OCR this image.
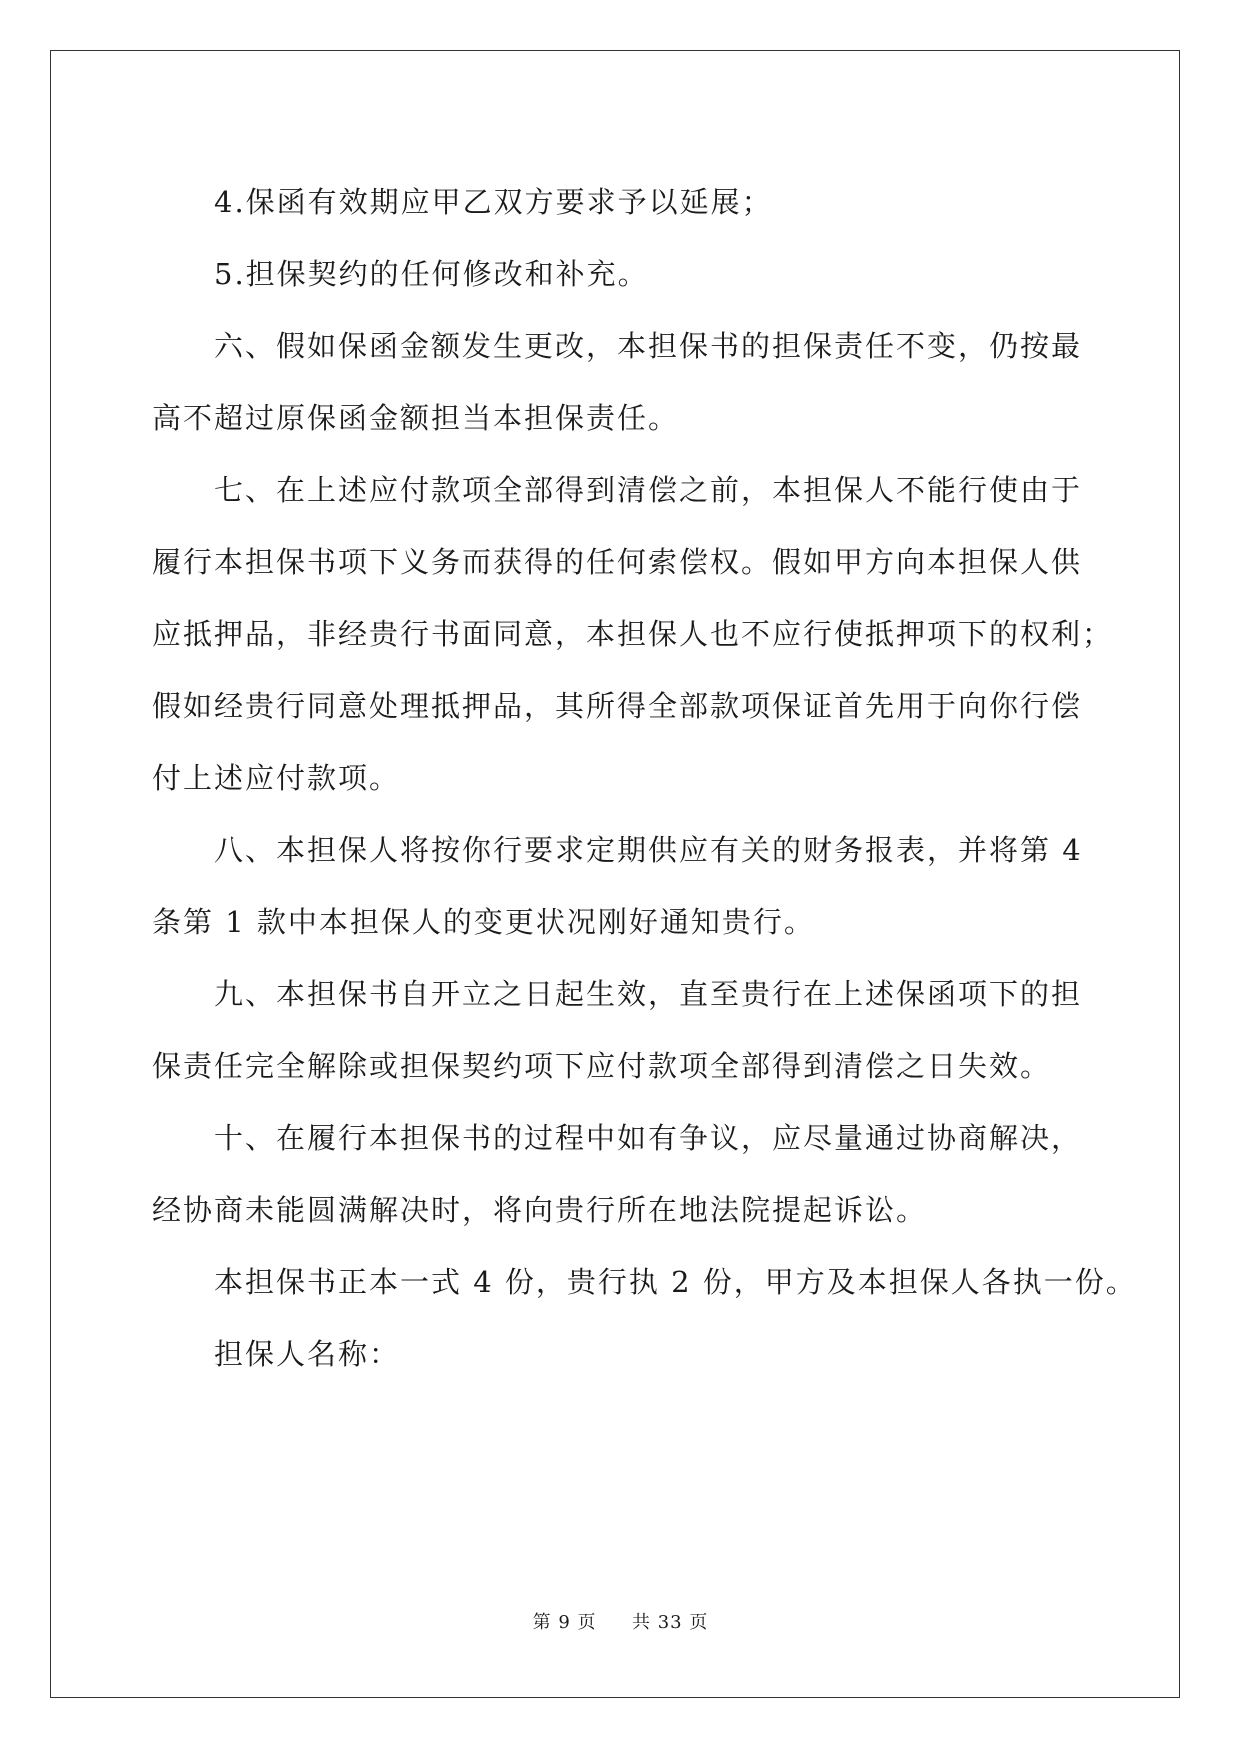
4.保函有效期应甲乙双方要求予以延展；

5.担保契约的任何修改和补充。

六、假如保函金额发生更改，本担保书的担保责任不变，仍按最

高不超过原保函金额担当本担保责任。

七、在上述应付款项全部得到清偿之前，本担保人不能行使由于

履行本担保书项下义务而获得的任何索偿权。假如甲方向本担保人供

应抵押品，非经贵行书面同意，本担保人也不应行使抵押项下的权利；

假如经贵行同意处理抵押品，其所得全部款项保证首先用于向你行偿

付上述应付款项。

八、本担保人将按你行要求定期供应有关的财务报表，并将第 4

条第 1 款中本担保人的变更状况刚好通知贵行。

九、本担保书自开立之日起生效，直至贵行在上述保函项下的担

保责任完全解除或担保契约项下应付款项全部得到清偿之日失效。

十、在履行本担保书的过程中如有争议，应尽量通过协商解决，

经协商未能圆满解决时，将向贵行所在地法院提起诉讼。

本担保书正本一式 4 份，贵行执 2 份，甲方及本担保人各执一份。

担保人名称：

第 9 页 共 33 页
